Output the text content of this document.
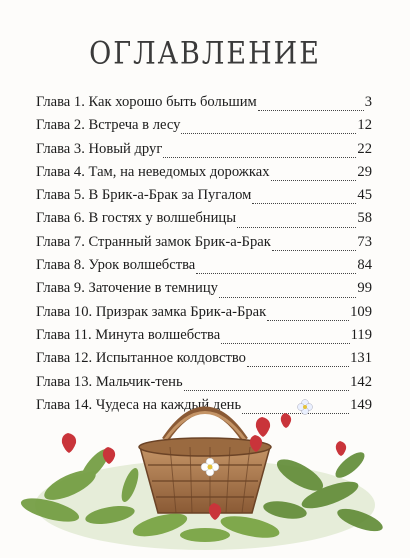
ОГЛАВЛЕНИЕ
Глава 1. Как хорошо быть большим	3
Глава 2. Встреча в лесу	12
Глава 3. Новый друг	22
Глава 4. Там, на неведомых дорожках	29
Глава 5. В Брик-а-Брак за Пугалом	45
Глава 6. В гостях у волшебницы	58
Глава 7. Странный замок Брик-а-Брак	73
Глава 8. Урок волшебства	84
Глава 9. Заточение в темницу	99
Глава 10. Призрак замка Брик-а-Брак	109
Глава 11. Минута волшебства	119
Глава 12. Испытанное колдовство	131
Глава 13. Мальчик-тень	142
Глава 14. Чудеса на каждый день	149
